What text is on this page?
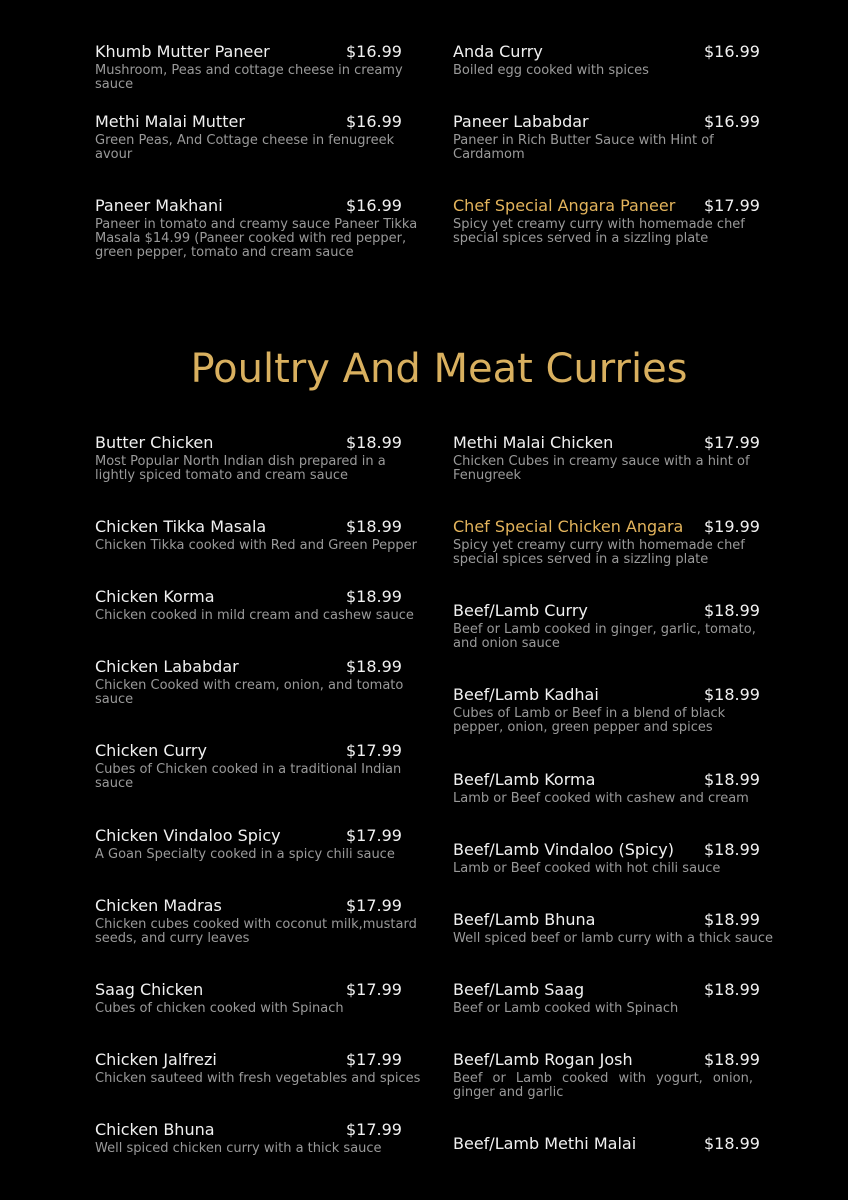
Khumb Mutter Paneer	$16.99
Mushroom, Peas and cottage cheese in creamy sauce
Methi Malai Mutter	$16.99
Green Peas, And Cottage cheese in fenugreek
avour
Paneer Makhani	$16.99
Paneer in tomato and creamy sauce Paneer Tikka Masala $14.99 (Paneer cooked with red pepper, green pepper, tomato and cream sauce
Anda Curry	$16.99
Boiled egg cooked with spices
Paneer Lababdar	$16.99
Paneer in Rich Butter Sauce with Hint of Cardamom
Chef Special Angara Paneer $17.99
Spicy yet creamy curry with homemade chef special spices served in a sizzling plate
Poultry And Meat Curries
Butter Chicken	$18.99
Most Popular North Indian dish prepared in a lightly spiced tomato and cream sauce
Chicken Tikka Masala	$18.99
Chicken Tikka cooked with Red and Green Pepper
Chicken Korma	$18.99
Chicken cooked in mild cream and cashew sauce
Chicken Lababdar	$18.99
Chicken Cooked with cream, onion, and tomato sauce
Chicken Curry	$17.99
Cubes of Chicken cooked in a traditional Indian sauce
Chicken Vindaloo Spicy	$17.99
A Goan Specialty cooked in a spicy chili sauce
Chicken Madras	$17.99
Chicken cubes cooked with coconut milk,mustard seeds, and curry leaves
Saag Chicken	$17.99
Cubes of chicken cooked with Spinach
Chicken Jalfrezi	$17.99
Chicken sauteed with fresh vegetables and spices
Chicken Bhuna	$17.99
Well spiced chicken curry with a thick sauce
Methi Malai Chicken	$17.99
Chicken Cubes in creamy sauce with a hint of Fenugreek
Chef Special Chicken Angara $19.99
Spicy yet creamy curry with homemade chef special spices served in a sizzling plate
Beef/Lamb Curry	$18.99
Beef or Lamb cooked in ginger, garlic, tomato, and onion sauce
Beef/Lamb Kadhai	$18.99
Cubes of Lamb or Beef in a blend of black pepper, onion, green pepper and spices
Beef/Lamb Korma	$18.99
Lamb or Beef cooked with cashew and cream
Beef/Lamb Vindaloo (Spicy) $18.99
Lamb or Beef cooked with hot chili sauce
Beef/Lamb Bhuna	$18.99
Well spiced beef or lamb curry with a thick sauce
Beef/Lamb Saag	$18.99
Beef or Lamb cooked with Spinach
Beef/Lamb Rogan Josh	$18.99
Beef or Lamb cooked with yogurt, onion, ginger and garlic
Beef/Lamb Methi Malai	$18.99
